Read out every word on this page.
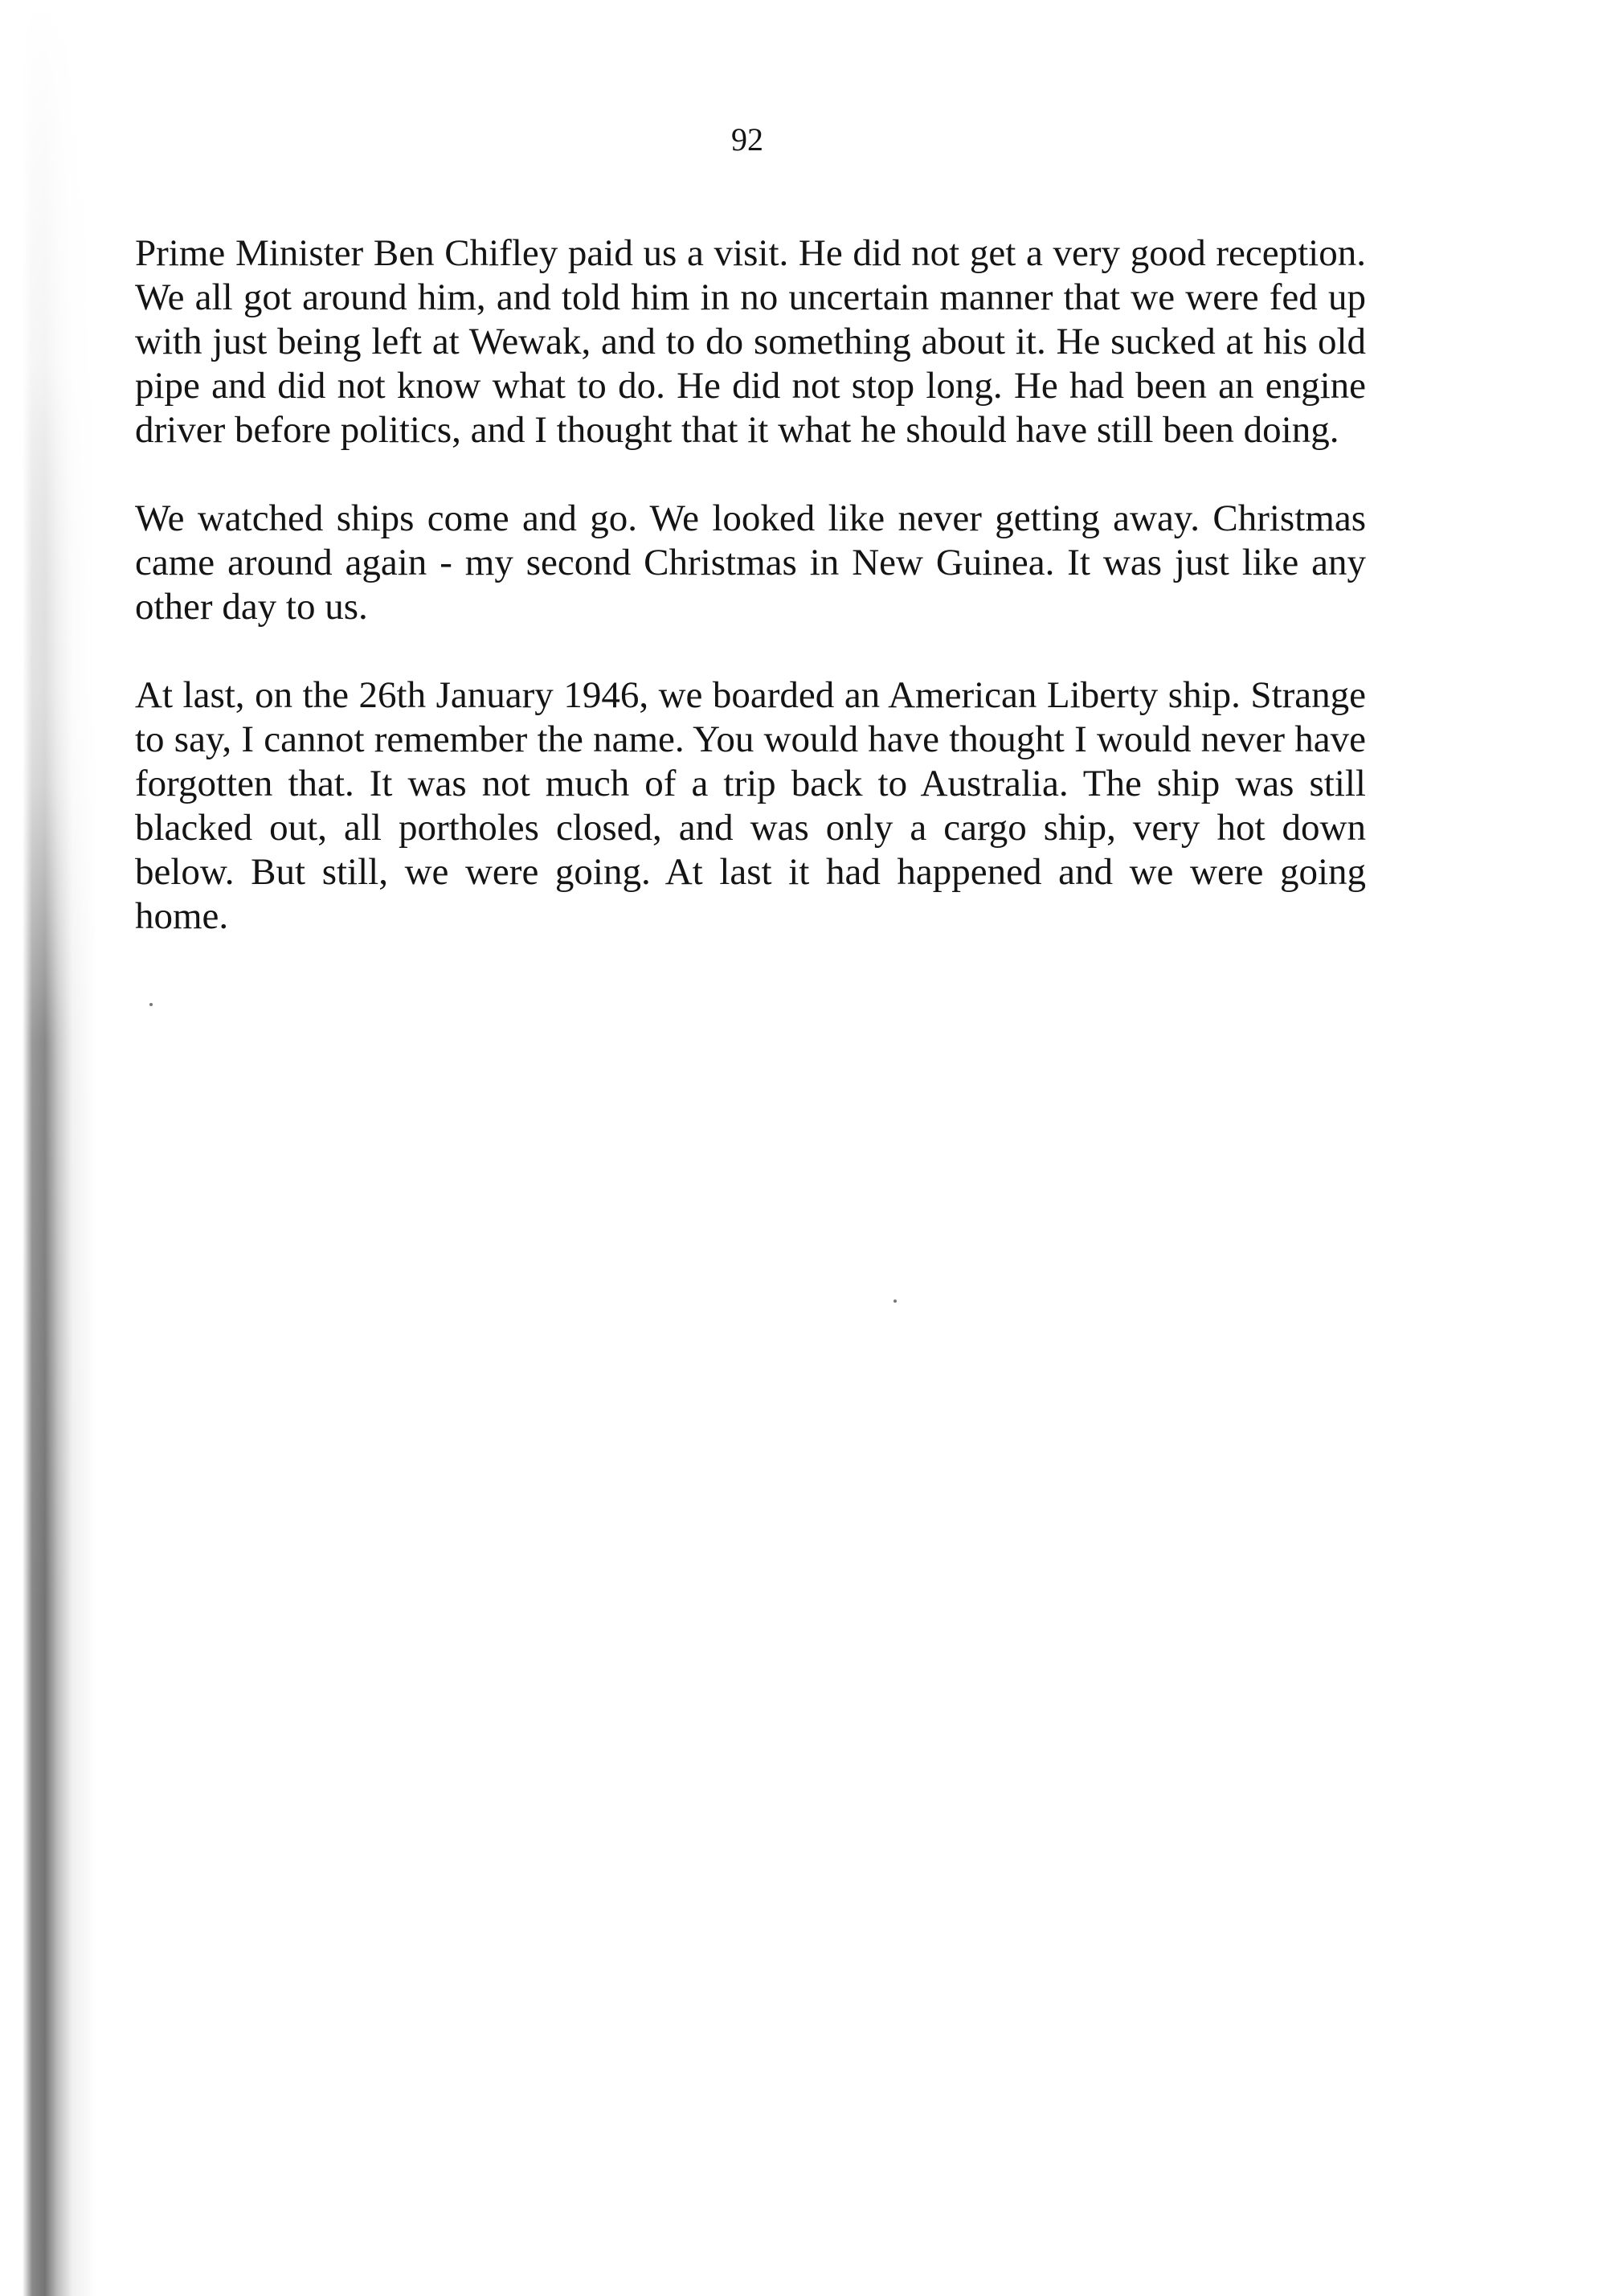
92

Prime Minister Ben Chifley paid us a visit. He did not get a very good reception. We all got around him, and told him in no uncertain manner that we were fed up with just being left at Wewak, and to do something about it. He sucked at his old pipe and did not know what to do. He did not stop long. He had been an engine driver before politics, and I thought that it what he should have still been doing.

We watched ships come and go. We looked like never getting away. Christmas came around again - my second Christmas in New Guinea. It was just like any other day to us.

At last, on the 26th January 1946, we boarded an American Liberty ship. Strange to say, I cannot remember the name. You would have thought I would never have forgotten that. It was not much of a trip back to Australia. The ship was still blacked out, all portholes closed, and was only a cargo ship, very hot down below. But still, we were going. At last it had happened and we were going home.
